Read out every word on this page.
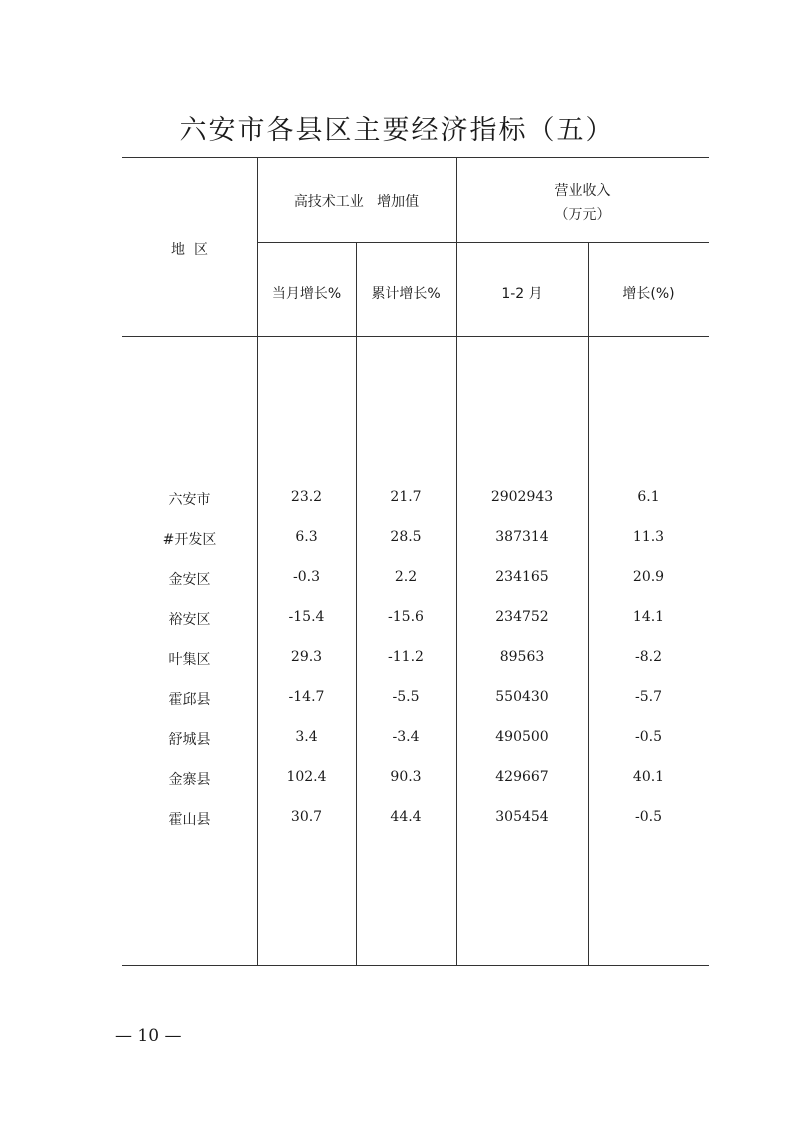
六安市各县区主要经济指标（五）
地  区
高技术工业   增加值
营业收入
（万元）
当月增长%	累计增长%	1-2 月	增长(%)
六安市	23.2	21.7	2902943	6.1
#开发区	6.3	28.5	387314	11.3
金安区	-0.3	2.2	234165	20.9
裕安区	-15.4	-15.6	234752	14.1
叶集区	29.3	-11.2	89563	-8.2
霍邱县	-14.7	-5.5	550430	-5.7
舒城县	3.4	-3.4	490500	-0.5
金寨县	102.4	90.3	429667	40.1
霍山县	30.7	44.4	305454	-0.5
— 10 —
